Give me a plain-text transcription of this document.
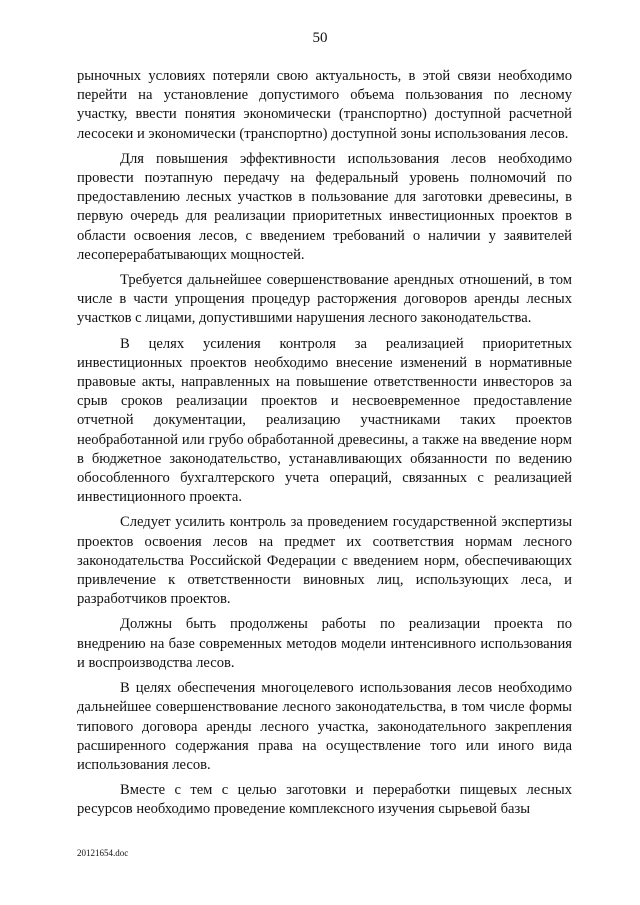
50

рыночных условиях потеряли свою актуальность, в этой связи необходимо перейти на установление допустимого объема пользования по лесному участку, ввести понятия экономически (транспортно) доступной расчетной лесосеки и экономически (транспортно) доступной зоны использования лесов.

Для повышения эффективности использования лесов необходимо провести поэтапную передачу на федеральный уровень полномочий по предоставлению лесных участков в пользование для заготовки древесины, в первую очередь для реализации приоритетных инвестиционных проектов в области освоения лесов, с введением требований о наличии у заявителей лесоперерабатывающих мощностей.

Требуется дальнейшее совершенствование арендных отношений, в том числе в части упрощения процедур расторжения договоров аренды лесных участков с лицами, допустившими нарушения лесного законодательства.

В целях усиления контроля за реализацией приоритетных инвестиционных проектов необходимо внесение изменений в нормативные правовые акты, направленных на повышение ответственности инвесторов за срыв сроков реализации проектов и несвоевременное предоставление отчетной документации, реализацию участниками таких проектов необработанной или грубо обработанной древесины, а также на введение норм в бюджетное законодательство, устанавливающих обязанности по ведению обособленного бухгалтерского учета операций, связанных с реализацией инвестиционного проекта.

Следует усилить контроль за проведением государственной экспертизы проектов освоения лесов на предмет их соответствия нормам лесного законодательства Российской Федерации с введением норм, обеспечивающих привлечение к ответственности виновных лиц, использующих леса, и разработчиков проектов.

Должны быть продолжены работы по реализации проекта по внедрению на базе современных методов модели интенсивного использования и воспроизводства лесов.

В целях обеспечения многоцелевого использования лесов необходимо дальнейшее совершенствование лесного законодательства, в том числе формы типового договора аренды лесного участка, законодательного закрепления расширенного содержания права на осуществление того или иного вида использования лесов.

Вместе с тем с целью заготовки и переработки пищевых лесных ресурсов необходимо проведение комплексного изучения сырьевой базы

20121654.doc
